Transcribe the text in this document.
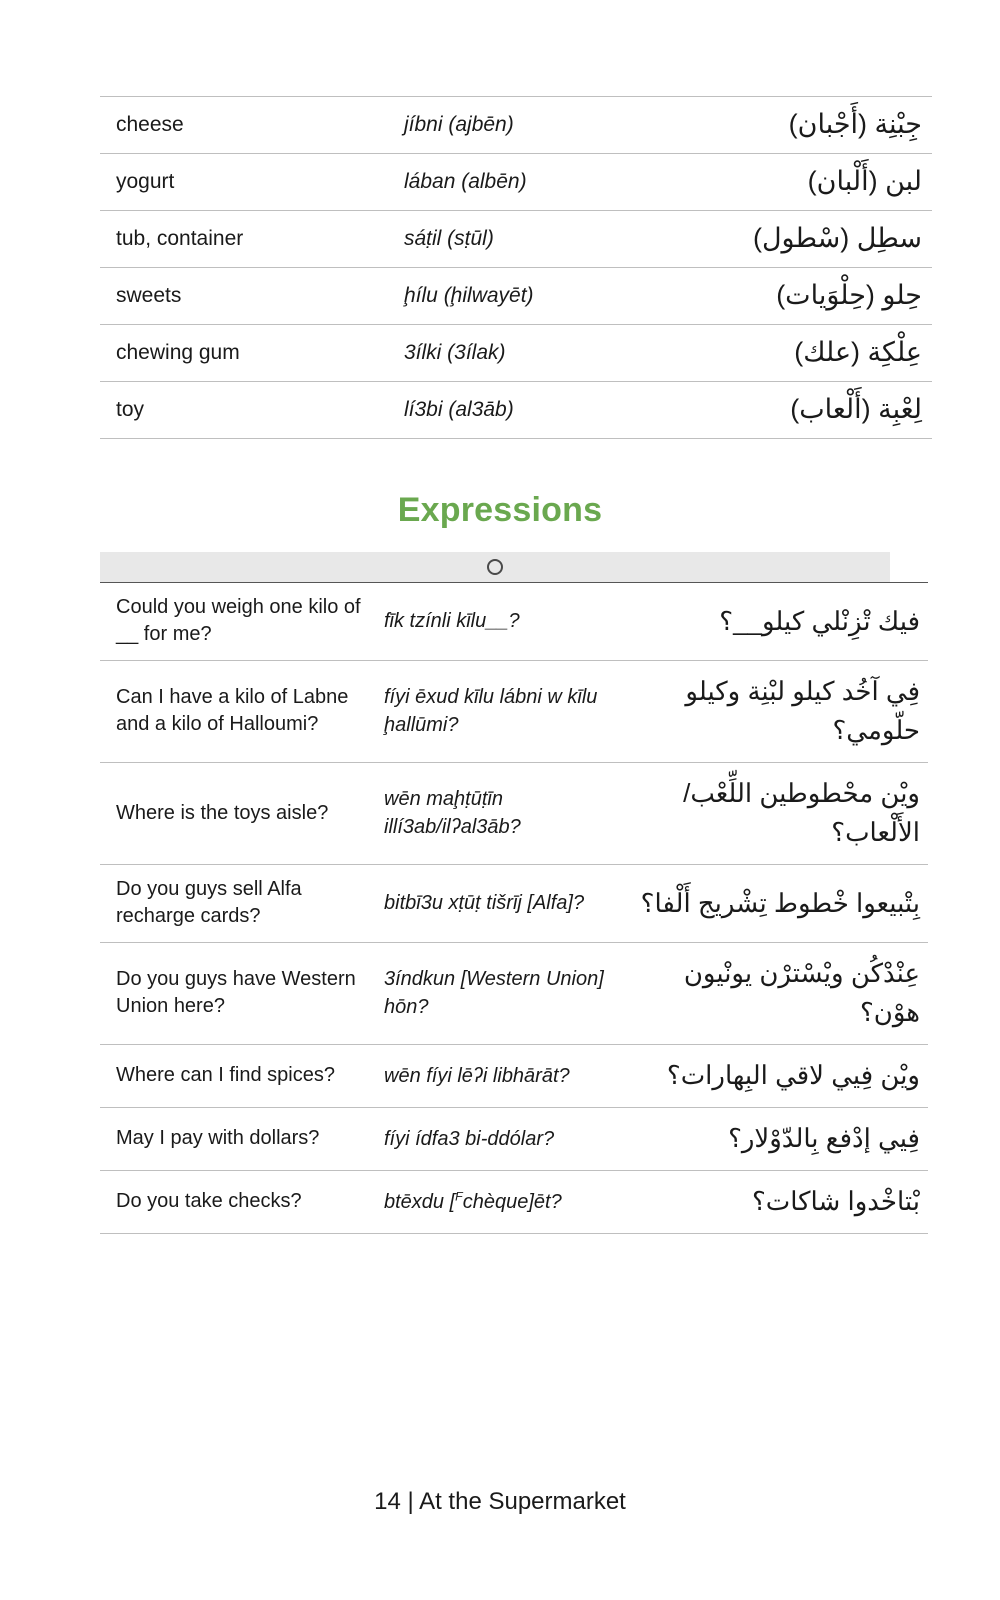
cheese	jíbni (ajbēn)	جِبْنِة (أَجْبان)
yogurt	lában (albēn)	لبن (أَلْبان)
tub, container	sáṭil (sṭūl)	سطِل (سْطول)
sweets	ḩílu (ḩilwayēt)	حِلو (حِلْوَيات)
chewing gum	3ílki (3ílak)	عِلْكِة (علك)
toy	lí3bi (al3āb)	لِعْبِة (أَلْعاب)
Expressions
Could you weigh one kilo of __ for me?	fīk tzínli kīlu__?	فيك تْزِنْلي كيلو__؟
Can I have a kilo of Labne and a kilo of Halloumi?	fíyi ēxud kīlu lábni w kīlu ḩallūmi?	فِي آخُد كيلو لبْنِة وكيلو حلّومي؟
Where is the toys aisle?	wēn maḩṭūṭīn illí3ab/ilʔal3āb?	ويْن محْطوطين اللِّعْب/الأَلْعاب؟
Do you guys sell Alfa recharge cards?	bitbī3u xṭūṭ tišrīj [Alfa]?	بِتْبيعوا خْطوط تِشْريج أَلْفا؟
Do you guys have Western Union here?	3índkun [Western Union] hōn?	عِنْدْكُن ويْسْترْن يونْيون هوْن؟
Where can I find spices?	wēn fíyi lēʔi libhārāt?	ويْن فِيي لاقي البِهارات؟
May I pay with dollars?	fíyi ídfa3 bi-ddólar?	فِيي إدْفع بِالدّوْلار؟
Do you take checks?	btēxdu [$^F$chèque]ēt?	بْتاخْدوا شاكات؟
14 | At the Supermarket
